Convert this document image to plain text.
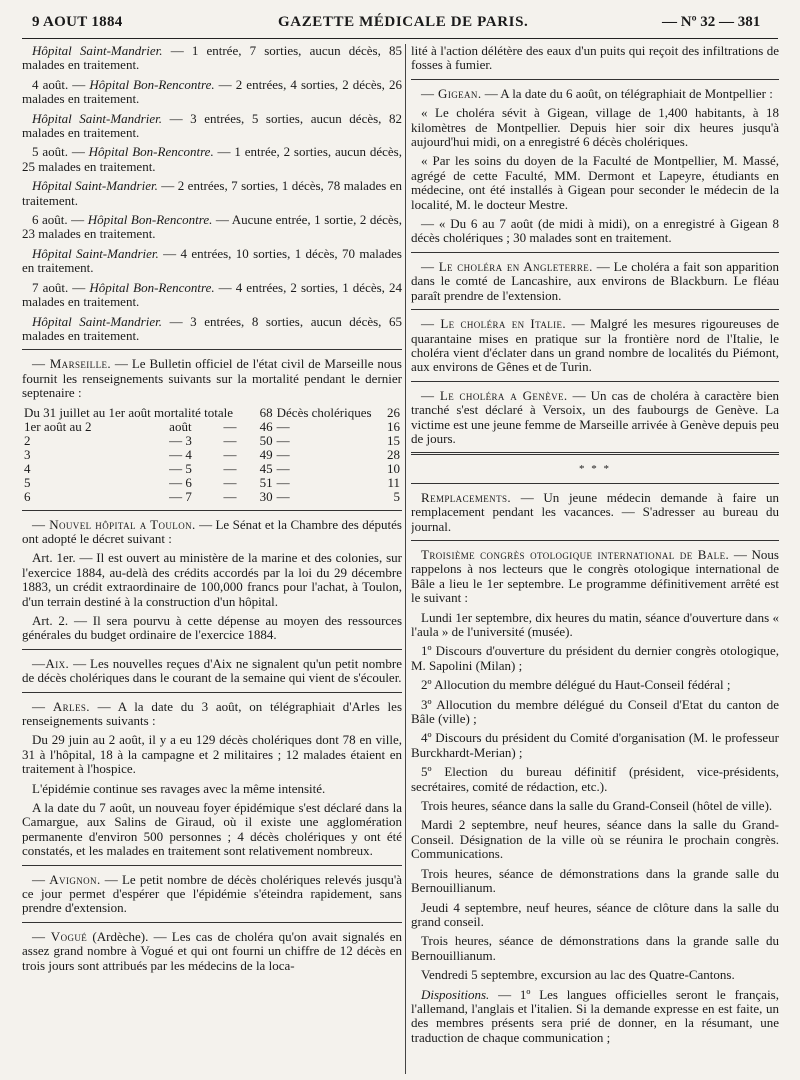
9 AOUT 1884	GAZETTE MÉDICALE DE PARIS.	— Nº 32 — 381

Hôpital Saint-Mandrier. — 1 entrée, 7 sorties, aucun décès, 85 malades en traitement.

4 août. — Hôpital Bon-Rencontre. — 2 entrées, 4 sorties, 2 décès, 26 malades en traitement.

Hôpital Saint-Mandrier. — 3 entrées, 5 sorties, aucun décès, 82 malades en traitement.

5 août. — Hôpital Bon-Rencontre. — 1 entrée, 2 sorties, aucun décès, 25 malades en traitement.

Hôpital Saint-Mandrier. — 2 entrées, 7 sorties, 1 décès, 78 malades en traitement.

6 août. — Hôpital Bon-Rencontre. — Aucune entrée, 1 sortie, 2 décès, 23 malades en traitement.

Hôpital Saint-Mandrier. — 4 entrées, 10 sorties, 1 décès, 70 malades en traitement.

7 août. — Hôpital Bon-Rencontre. — 4 entrées, 2 sorties, 1 décès, 24 malades en traitement.

Hôpital Saint-Mandrier. — 3 entrées, 8 sorties, aucun décès, 65 malades en traitement.

— Marseille. — Le Bulletin officiel de l'état civil de Marseille nous fournit les renseignements suivants sur la mortalité pendant le dernier septenaire :

Du 31 juillet au 1er août mortalité totale			68	Décès cholériques	26
1er août au 2	août	—	46	—	16
2	— 3	—	50	—	15
3	— 4	—	49	—	28
4	— 5	—	45	—	10
5	— 6	—	51	—	11
6	— 7	—	30	—	5

— Nouvel hôpital a Toulon. — Le Sénat et la Chambre des députés ont adopté le décret suivant :

Art. 1er. — Il est ouvert au ministère de la marine et des colonies, sur l'exercice 1884, au-delà des crédits accordés par la loi du 29 décembre 1883, un crédit extraordinaire de 100,000 francs pour l'achat, à Toulon, d'un terrain destiné à la construction d'un hôpital.

Art. 2. — Il sera pourvu à cette dépense au moyen des ressources générales du budget ordinaire de l'exercice 1884.

—Aix. — Les nouvelles reçues d'Aix ne signalent qu'un petit nombre de décès cholériques dans le courant de la semaine qui vient de s'écouler.

— Arles. — A la date du 3 août, on télégraphiait d'Arles les renseignements suivants :

Du 29 juin au 2 août, il y a eu 129 décès cholériques dont 78 en ville, 31 à l'hôpital, 18 à la campagne et 2 militaires ; 12 malades étaient en traitement à l'hospice.

L'épidémie continue ses ravages avec la même intensité.

A la date du 7 août, un nouveau foyer épidémique s'est déclaré dans la Camargue, aux Salins de Giraud, où il existe une agglomération permanente d'environ 500 personnes ; 4 décès cholériques y ont été constatés, et les malades en traitement sont relativement nombreux.

— Avignon. — Le petit nombre de décès cholériques relevés jusqu'à ce jour permet d'espérer que l'épidémie s'éteindra rapidement, sans prendre d'extension.

— Vogué (Ardèche). — Les cas de choléra qu'on avait signalés en assez grand nombre à Vogué et qui ont fourni un chiffre de 12 décès en trois jours sont attribués par les médecins de la loca-

lité à l'action délétère des eaux d'un puits qui reçoit des infiltrations de fosses à fumier.

— Gigean. — A la date du 6 août, on télégraphiait de Montpellier :

« Le choléra sévit à Gigean, village de 1,400 habitants, à 18 kilomètres de Montpellier. Depuis hier soir dix heures jusqu'à aujourd'hui midi, on a enregistré 6 décès cholériques.

« Par les soins du doyen de la Faculté de Montpellier, M. Massé, agrégé de cette Faculté, MM. Dermont et Lapeyre, étudiants en médecine, ont été installés à Gigean pour seconder le médecin de la localité, M. le docteur Mestre.

— « Du 6 au 7 août (de midi à midi), on a enregistré à Gigean 8 décès cholériques ; 30 malades sont en traitement.

— Le choléra en Angleterre. — Le choléra a fait son apparition dans le comté de Lancashire, aux environs de Blackburn. Le fléau paraît prendre de l'extension.

— Le choléra en Italie. — Malgré les mesures rigoureuses de quarantaine mises en pratique sur la frontière nord de l'Italie, le choléra vient d'éclater dans un grand nombre de localités du Piémont, aux environs de Gênes et de Turin.

— Le choléra a Genève. — Un cas de choléra à caractère bien tranché s'est déclaré à Versoix, un des faubourgs de Genève. La victime est une jeune femme de Marseille arrivée à Genève depuis peu de jours.

* * *

Remplacements. — Un jeune médecin demande à faire un remplacement pendant les vacances. — S'adresser au bureau du journal.

Troisième congrès otologique international de Bale. — Nous rappelons à nos lecteurs que le congrès otologique international de Bâle a lieu le 1er septembre. Le programme définitivement arrêté est le suivant :

Lundi 1er septembre, dix heures du matin, séance d'ouverture dans « l'aula » de l'université (musée).

1º Discours d'ouverture du président du dernier congrès otologique, M. Sapolini (Milan) ;

2º Allocution du membre délégué du Haut-Conseil fédéral ;

3º Allocution du membre délégué du Conseil d'Etat du canton de Bâle (ville) ;

4º Discours du président du Comité d'organisation (M. le professeur Burckhardt-Merian) ;

5º Election du bureau définitif (président, vice-présidents, secrétaires, comité de rédaction, etc.).

Trois heures, séance dans la salle du Grand-Conseil (hôtel de ville).

Mardi 2 septembre, neuf heures, séance dans la salle du Grand-Conseil. Désignation de la ville où se réunira le prochain congrès. Communications.

Trois heures, séance de démonstrations dans la grande salle du Bernouillianum.

Jeudi 4 septembre, neuf heures, séance de clôture dans la salle du grand conseil.

Trois heures, séance de démonstrations dans la grande salle du Bernouillianum.

Vendredi 5 septembre, excursion au lac des Quatre-Cantons.

Dispositions. — 1º Les langues officielles seront le français, l'allemand, l'anglais et l'italien. Si la demande expresse en est faite, un des membres présents sera prié de donner, en la résumant, une traduction de chaque communication ;
